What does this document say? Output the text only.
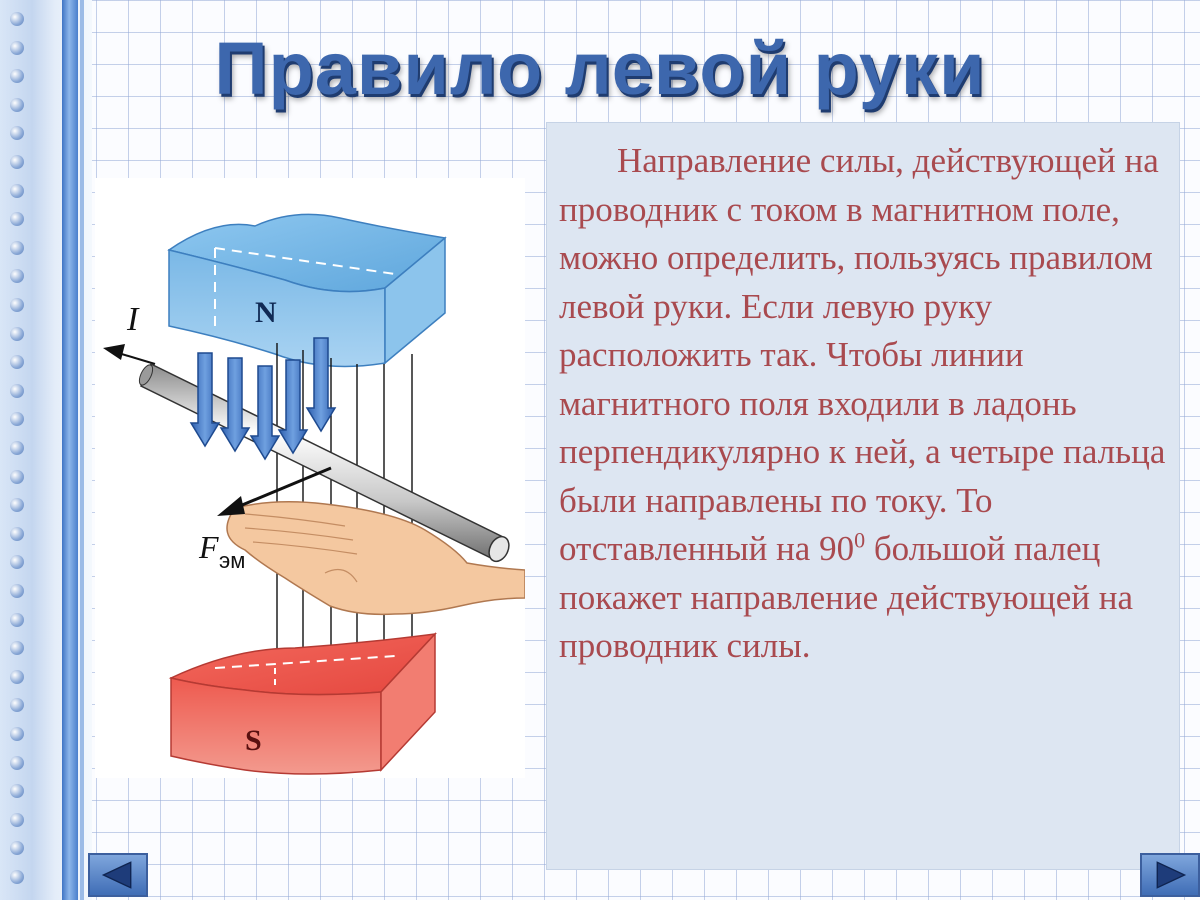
Правило левой руки
N
I
F эм
S

Направление силы, действующей на проводник с током в магнитном поле, можно определить, пользуясь правилом левой руки. Если левую руку расположить так. Чтобы линии магнитного поля входили в ладонь перпендикулярно к ней, а четыре пальца были направлены по току. То отставленный на $90^0$ большой палец покажет направление действующей на проводник силы.
